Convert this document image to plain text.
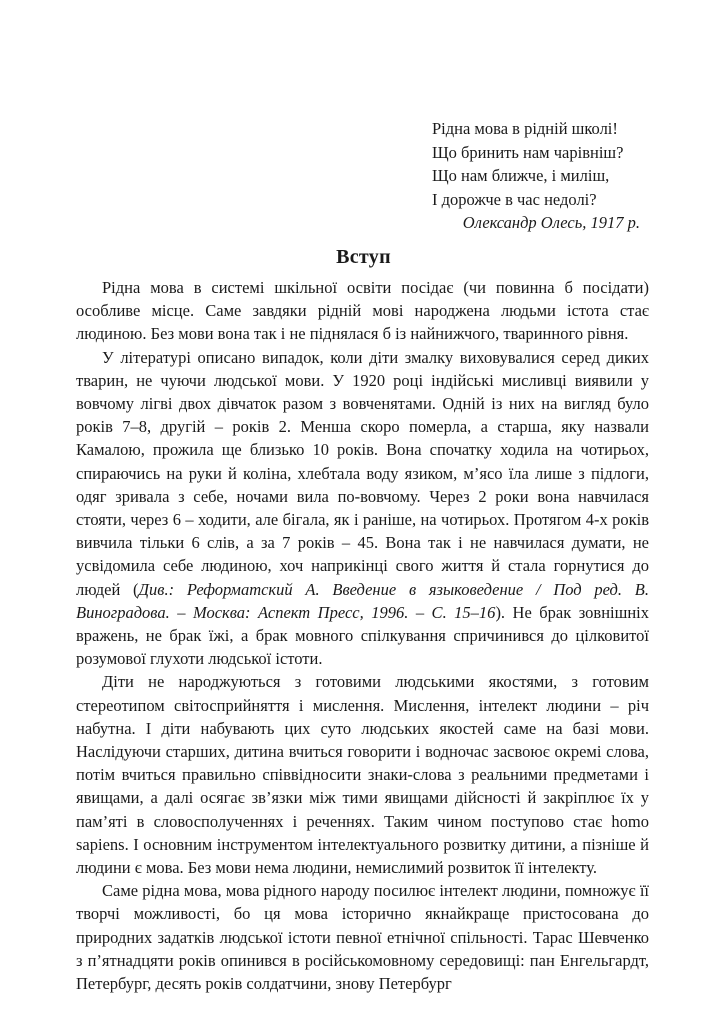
Рідна мова в рідній школі!
Що бринить нам чарівніш?
Що нам ближче, і миліш,
І дорожче в час недолі?
Олександр Олесь, 1917 р.
Вступ

Рідна мова в системі шкільної освіти посідає (чи повинна б посідати) особливе місце. Саме завдяки рідній мові народжена людьми істота стає людиною. Без мови вона так і не піднялася б із найнижчого, тваринного рівня.

У літературі описано випадок, коли діти змалку виховувалися серед диких тварин, не чуючи людської мови. У 1920 році індійські мисливці виявили у вовчому лігві двох дівчаток разом з вовченятами. Одній із них на вигляд було років 7–8, другій – років 2. Менша скоро померла, а старша, яку назвали Камалою, прожила ще близько 10 років. Вона спочатку ходила на чотирьох, спираючись на руки й коліна, хлебтала воду язиком, м’ясо їла лише з підлоги, одяг зривала з себе, ночами вила по-вовчому. Через 2 роки вона навчилася стояти, через 6 – ходити, але бігала, як і раніше, на чотирьох. Протягом 4-х років вивчила тільки 6 слів, а за 7 років – 45. Вона так і не навчилася думати, не усвідомила себе людиною, хоч наприкінці свого життя й стала горнутися до людей (Див.: Реформатский А. Введение в языковедение / Под ред. В. Виноградова. – Москва: Аспект Пресс, 1996. – С. 15–16). Не брак зовнішніх вражень, не брак їжі, а брак мовного спілкування спричинився до цілковитої розумової глухоти людської істоти.

Діти не народжуються з готовими людськими якостями, з готовим стереотипом світосприйняття і мислення. Мислення, інтелект людини – річ набутна. І діти набувають цих суто людських якостей саме на базі мови. Наслідуючи старших, дитина вчиться говорити і водночас засвоює окремі слова, потім вчиться правильно співвідносити знаки-слова з реальними предметами і явищами, а далі осягає зв’язки між тими явищами дійсності й закріплює їх у пам’яті в словосполученнях і реченнях. Таким чином поступово стає homo sapiens. І основним інструментом інтелектуального розвитку дитини, а пізніше й людини є мова. Без мови нема людини, немислимий розвиток її інтелекту.

Саме рідна мова, мова рідного народу посилює інтелект людини, помножує її творчі можливості, бо ця мова історично якнайкраще пристосована до природних задатків людської істоти певної етнічної спільності. Тарас Шевченко з п’ятнадцяти років опинився в російськомовному середовищі: пан Енгельгардт, Петербург, десять років солдатчини, знову Петербург
